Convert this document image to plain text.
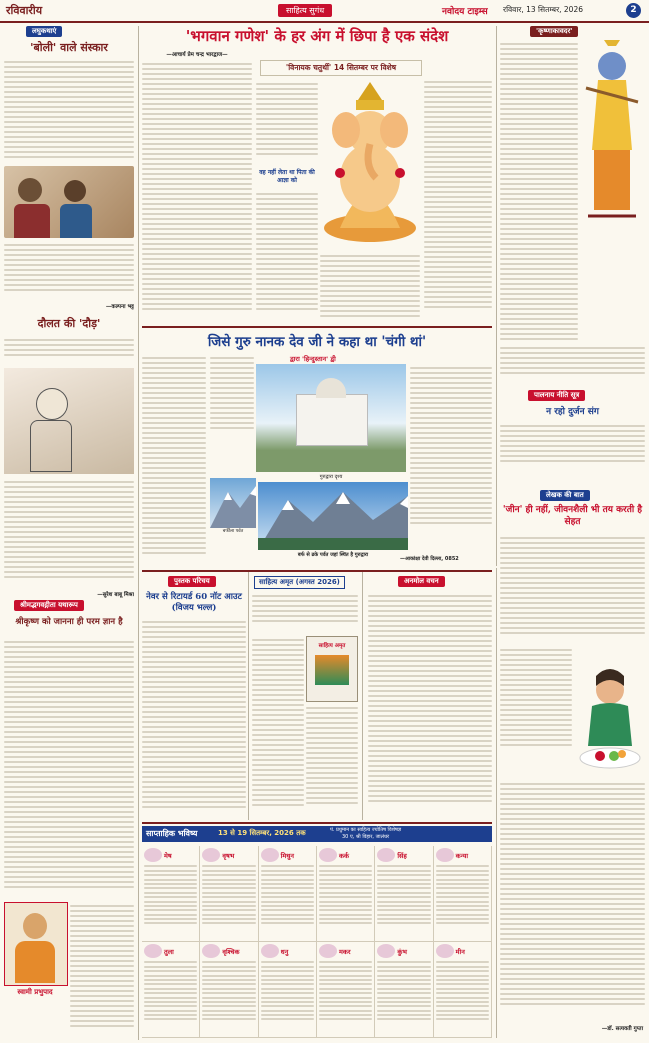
रविवारीय	साहित्य सुगंध	नवोदय टाइम्स रविवार, 13 सितम्बर, 2026	2
लघुकथाएं
'बोली' वाले संस्कार
—कल्पना भट्ट
दौलत की 'दौड़'
—सुरेश बाबू मिश्रा
श्रीमद्भगवद्गीता यथारूप
श्रीकृष्ण को जानना ही परम ज्ञान है
स्वामी प्रभुपाद
'भगवान गणेश' के हर अंग में छिपा है एक संदेश
—आचार्य प्रेम चन्द्र भारद्वाज—
'विनायक चतुर्थी' 14 सितम्बर पर विशेष
वह नहीं लेता था पिता की आज्ञा को
जिसे गुरु नानक देव जी ने कहा था 'चंगी थां'
द्वारा 'हिन्दुस्तान' द्वी
गुरुद्वारा दृश्य
बर्फीला पर्वत
बर्फ से ढके पर्वत जहां स्थित है गुरुद्वारा
—आकांक्षा देवी दिल्ला, 0852
'कृष्णाकावदर'
पालनाय नीति सूत्र
न रहो दुर्जन संग
लेखक की बात
'जीन' ही नहीं, जीवनशैली भी तय करती है सेहत
—डॉ. सत्यवती गुप्ता
पुस्तक परिचय
नेवर से रिटायर्ड 60 नॉट आउट (विजय भल्ल)
साहित्य अमृत (अगस्त 2026)
साहित्य अमृत
अनमोल वचन
साप्ताहिक भविष्य	13 से 19 सितम्बर, 2026 तक	पं. प्रधुमान का साहित्य ज्योतिष विशेषज्ञ
30 ए, श्री विहार, जालंधर
मेष	वृषभ	मिथुन	कर्क	सिंह	कन्या
तुला	वृश्चिक	धनु	मकर	कुंभ	मीन
